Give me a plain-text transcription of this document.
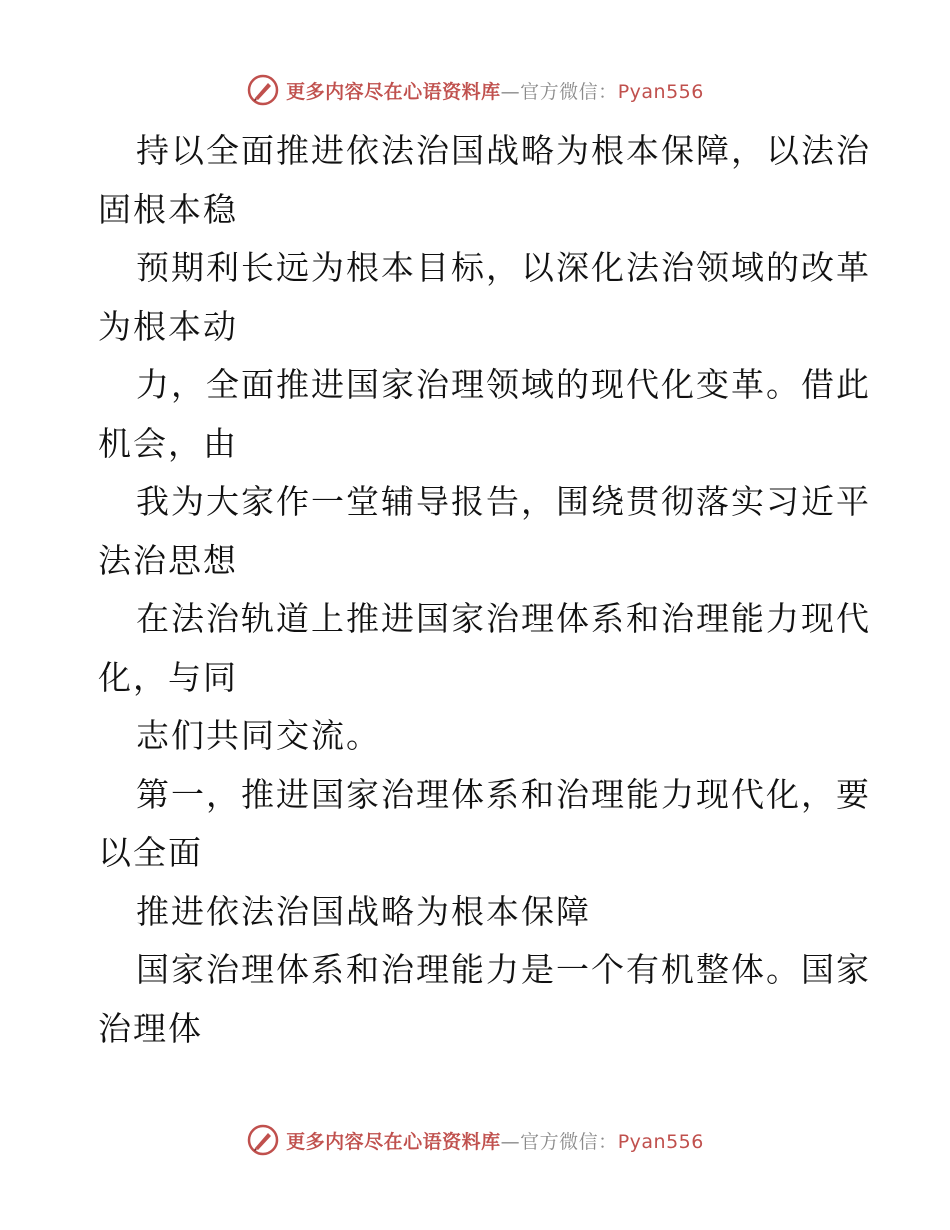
更多内容尽在心语资料库—官方微信：Pyan556
持以全面推进依法治国战略为根本保障，以法治
固根本稳
预期利长远为根本目标，以深化法治领域的改革
为根本动
力，全面推进国家治理领域的现代化变革。借此
机会，由
我为大家作一堂辅导报告，围绕贯彻落实习近平
法治思想
在法治轨道上推进国家治理体系和治理能力现代
化，与同
志们共同交流。
第一，推进国家治理体系和治理能力现代化，要
以全面
推进依法治国战略为根本保障
国家治理体系和治理能力是一个有机整体。国家
治理体
更多内容尽在心语资料库—官方微信：Pyan556
